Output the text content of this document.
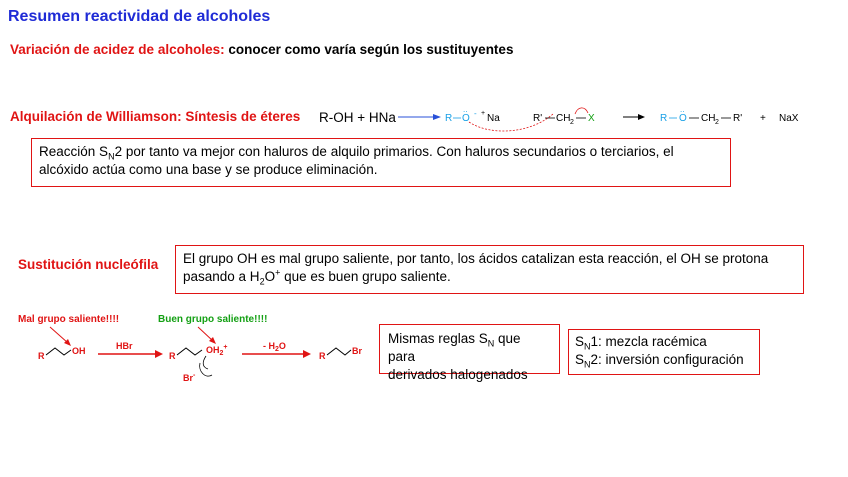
Resumen reactividad de alcoholes
Variación de acidez de alcoholes: conocer como varía según los sustituyentes
Alquilación de Williamson: Síntesis de éteres R-OH + HNa	R O
.. - + Na	R' CH 2 X	R O
..
CH 2 R' + NaX
Reacción $S_N2$ por tanto va mejor con haluros de alquilo primarios. Con haluros secundarios o terciarios, el
alcóxido actúa como una base y se produce eliminación.
Sustitución nucleófila El grupo OH es mal grupo saliente, por tanto, los ácidos catalizan esta reacción, el OH se protona
pasando a $H_2O^+$ que es buen grupo saliente.
Mal grupo saliente!!!!	Buen grupo saliente!!!!
R	OH	HBr
R
$OH_2^+$
Br-
- $H_2O$
R	Br
Mismas reglas $S_N$ que para
derivados halogenados
$S_N1$: mezcla racémica
$S_N2$: inversión configuración
